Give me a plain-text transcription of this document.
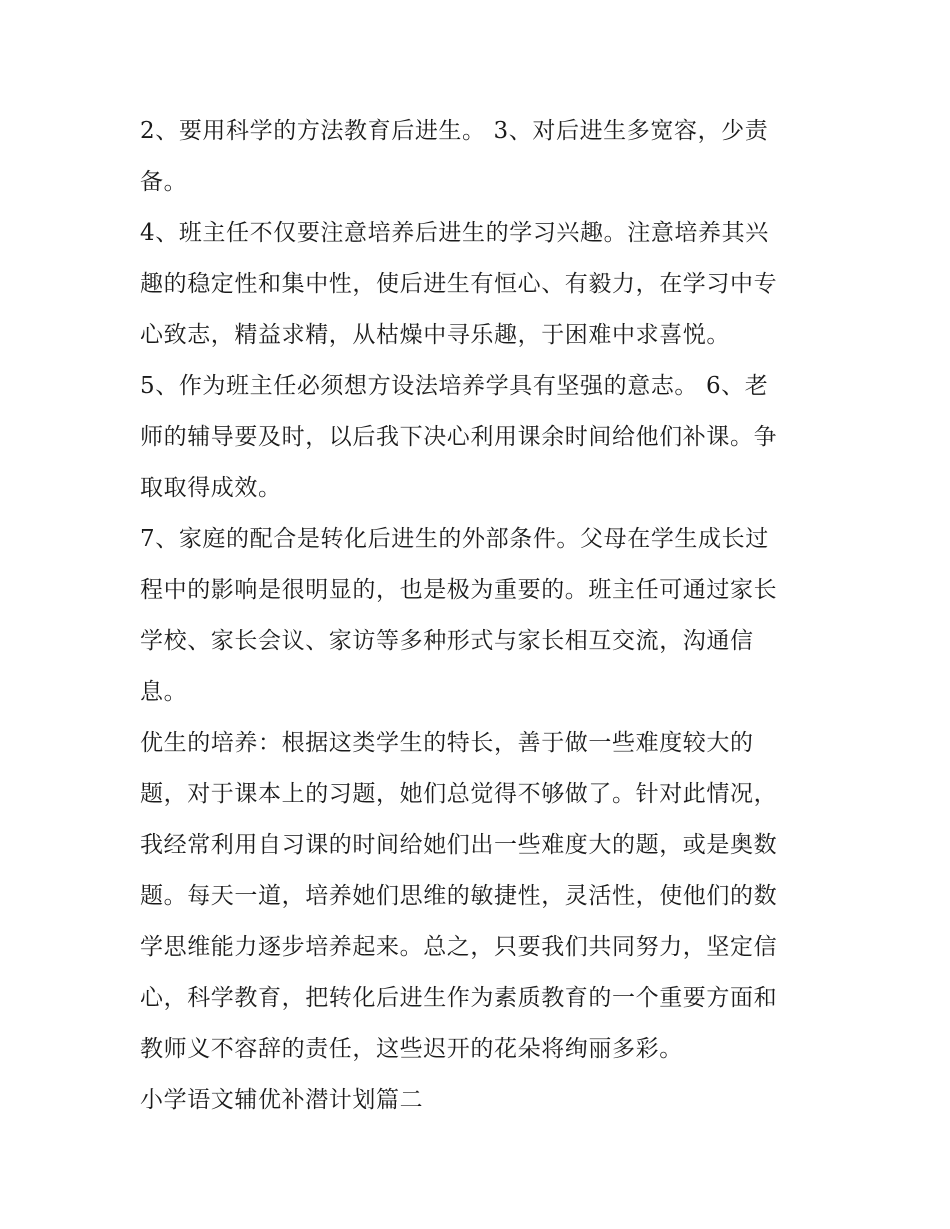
2、要用科学的方法教育后进生。 3、对后进生多宽容，少责
备。
4、班主任不仅要注意培养后进生的学习兴趣。注意培养其兴
趣的稳定性和集中性，使后进生有恒心、有毅力，在学习中专
心致志，精益求精，从枯燥中寻乐趣，于困难中求喜悦。
5、作为班主任必须想方设法培养学具有坚强的意志。 6、老
师的辅导要及时，以后我下决心利用课余时间给他们补课。争
取取得成效。
7、家庭的配合是转化后进生的外部条件。父母在学生成长过
程中的影响是很明显的，也是极为重要的。班主任可通过家长
学校、家长会议、家访等多种形式与家长相互交流，沟通信
息。
优生的培养：根据这类学生的特长，善于做一些难度较大的
题，对于课本上的习题，她们总觉得不够做了。针对此情况，
我经常利用自习课的时间给她们出一些难度大的题，或是奥数
题。每天一道，培养她们思维的敏捷性，灵活性，使他们的数
学思维能力逐步培养起来。总之，只要我们共同努力，坚定信
心，科学教育，把转化后进生作为素质教育的一个重要方面和
教师义不容辞的责任，这些迟开的花朵将绚丽多彩。
小学语文辅优补潜计划篇二
